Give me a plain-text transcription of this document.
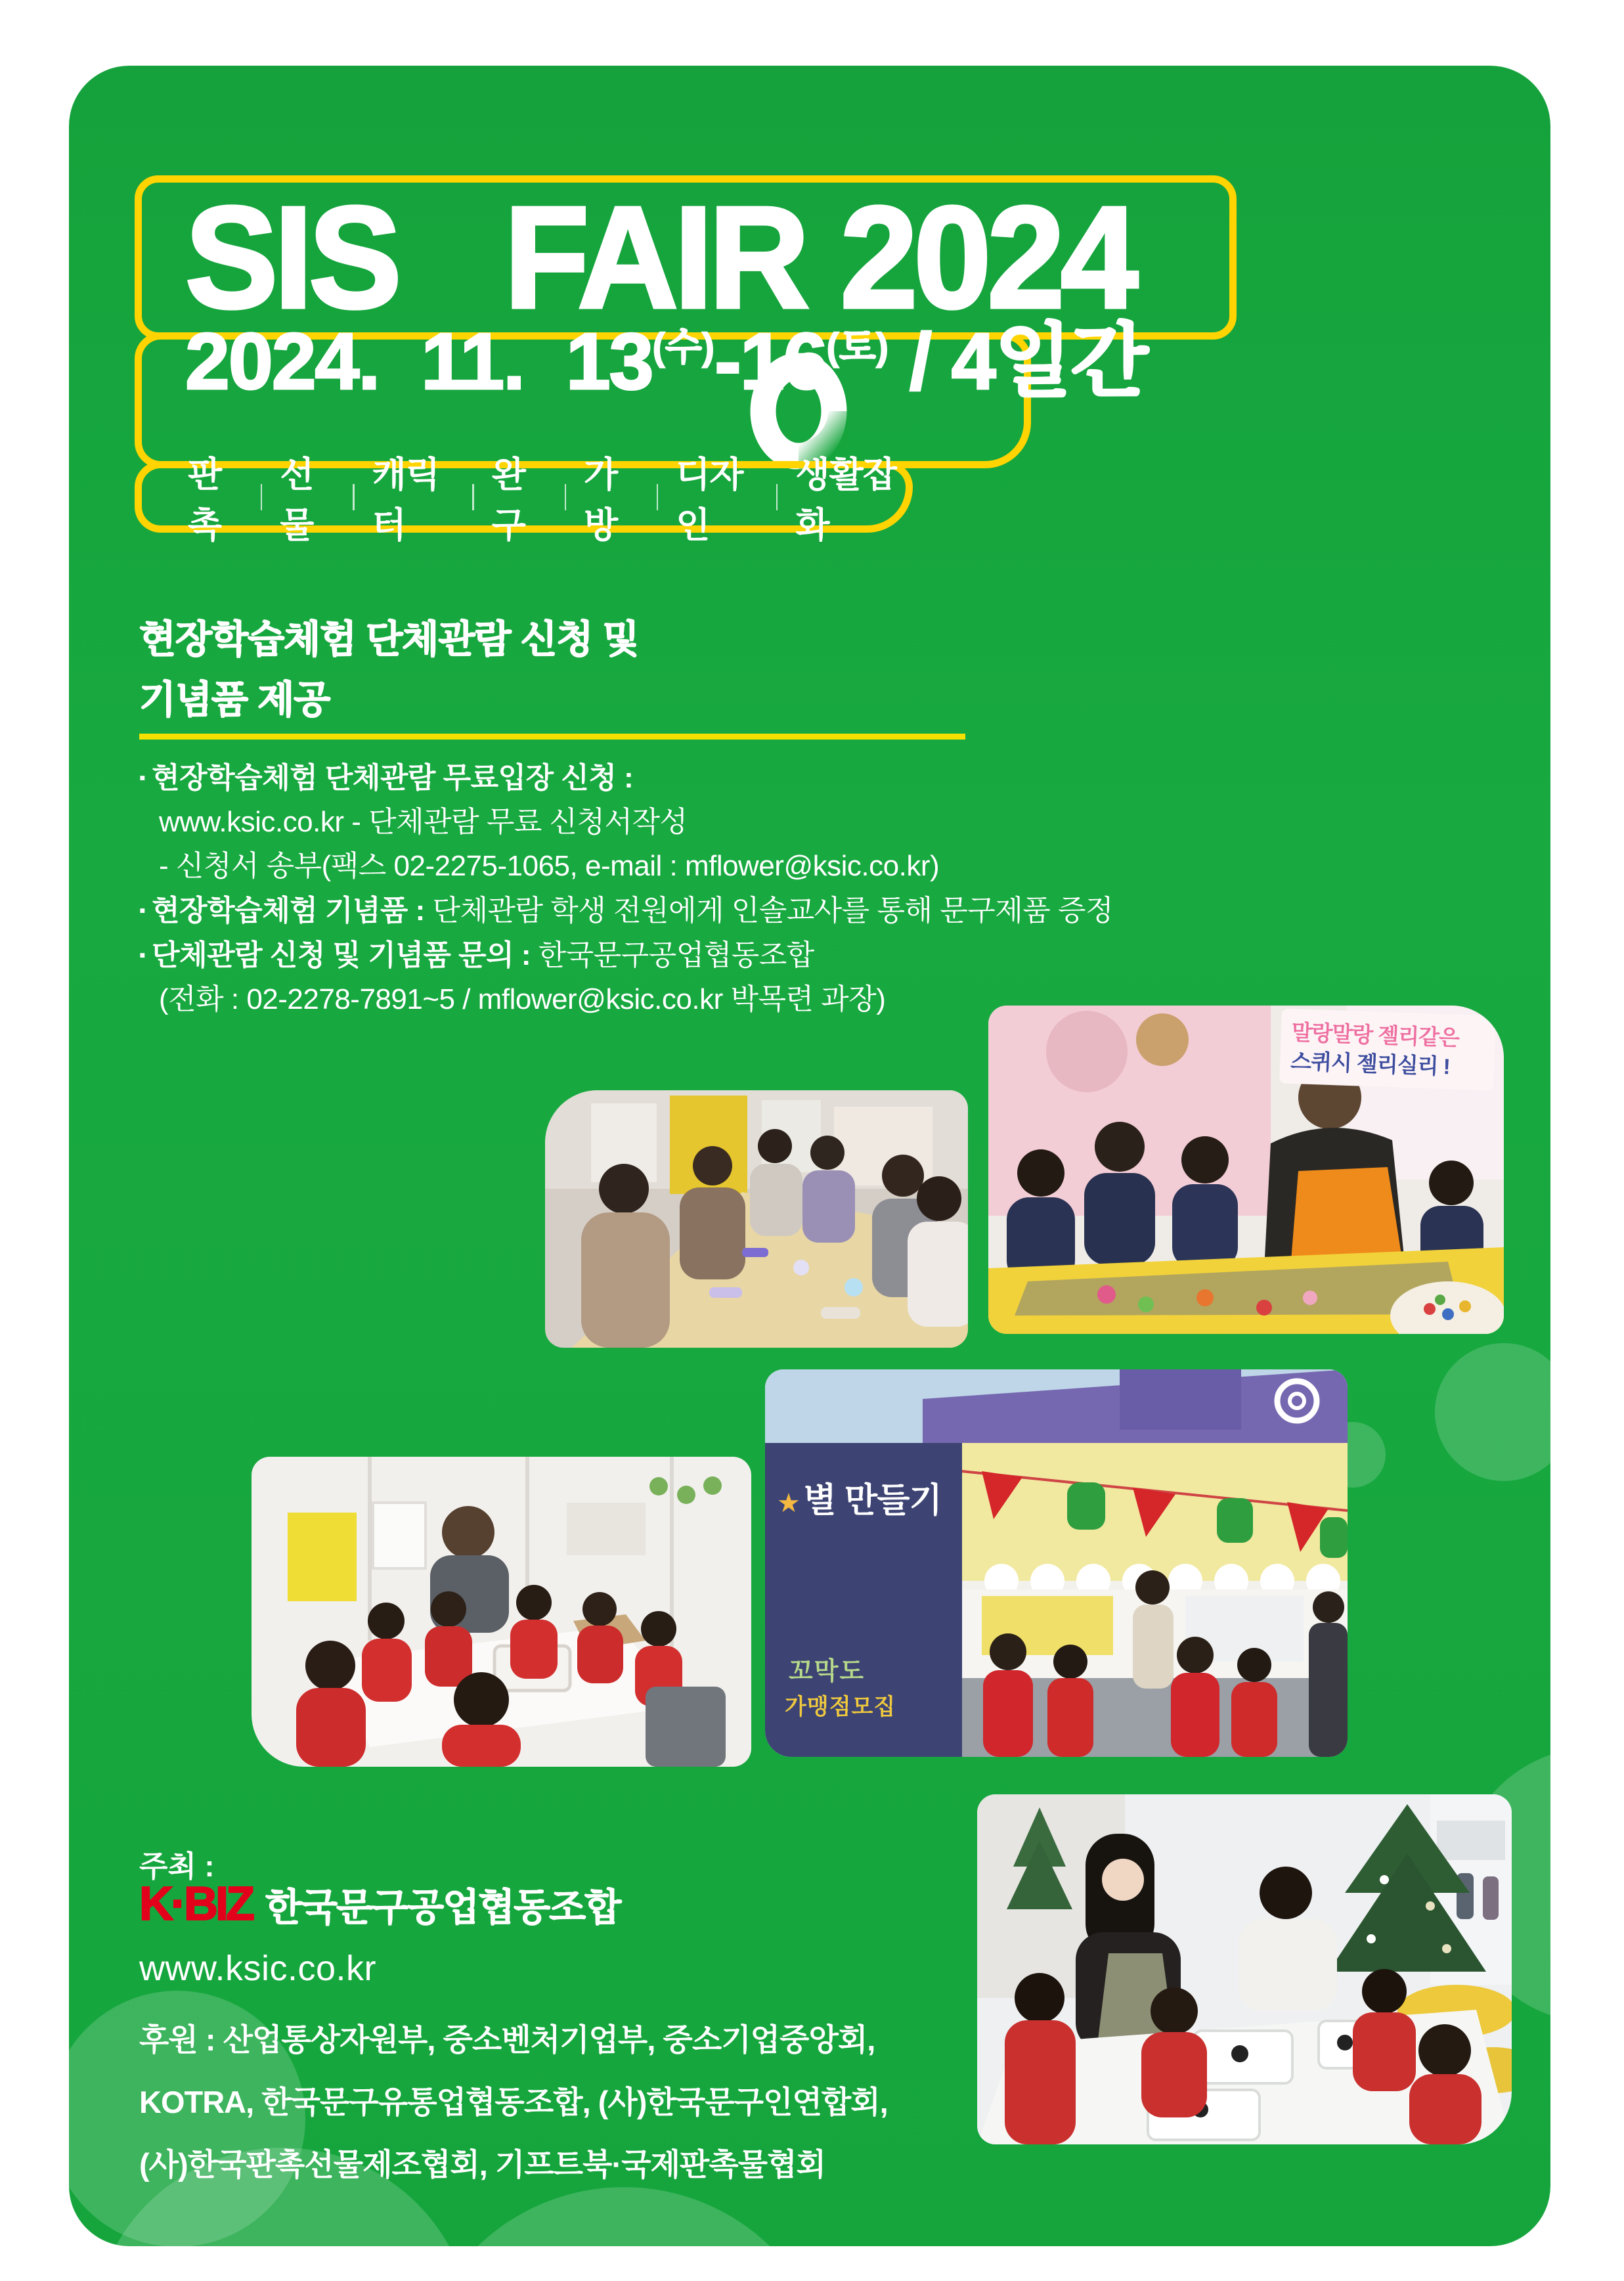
SIS

FAIR 2024
2024.  11.  13(수)-16(토) / 4일간

판촉
선물
캐릭터
완구
가방
디자인
생활잡화
현장학습체험 단체관람 신청 및
기념품 제공
▪ 현장학습체험 단체관람 무료입장 신청 :
www.ksic.co.kr - 단체관람 무료 신청서작성
- 신청서 송부(팩스 02-2275-1065, e-mail : mflower@ksic.co.kr)
▪ 현장학습체험 기념품 : 단체관람 학생 전원에게 인솔교사를 통해 문구제품 증정
▪ 단체관람 신청 및 기념품 문의 : 한국문구공업협동조합
(전화 : 02-2278-7891~5 / mflower@ksic.co.kr 박목련 과장)
말랑말랑 젤리같은
스퀴시 젤리실리 !
★ 별 만들기
꼬막도
가맹점모집
주최 :
K·BIZ 한국문구공업협동조합
www.ksic.co.kr
후원 : 산업통상자원부, 중소벤처기업부, 중소기업중앙회,
KOTRA, 한국문구유통업협동조합, (사)한국문구인연합회,
(사)한국판촉선물제조협회, 기프트북·국제판촉물협회
